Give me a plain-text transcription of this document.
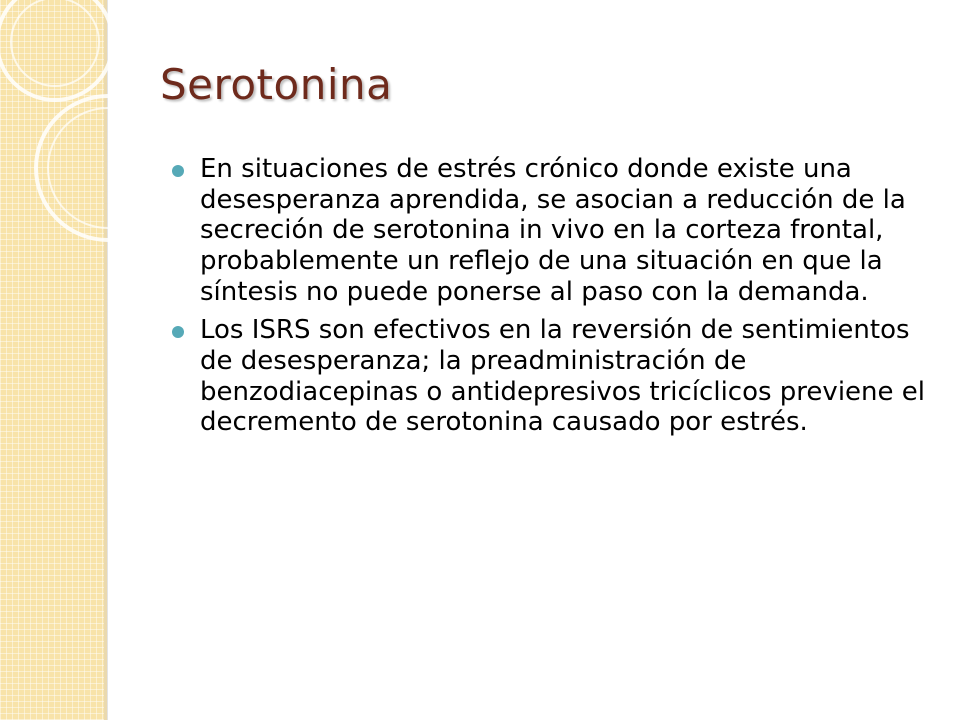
Serotonina
En situaciones de estrés crónico donde existe una desesperanza aprendida, se asocian a reducción de la secreción de serotonina in vivo en la corteza frontal, probablemente un reflejo de una situación en que la síntesis no puede ponerse al paso con la demanda.
Los ISRS son efectivos en la reversión de sentimientos de desesperanza; la preadministración de benzodiacepinas o antidepresivos tricíclicos previene el decremento de serotonina causado por estrés.
